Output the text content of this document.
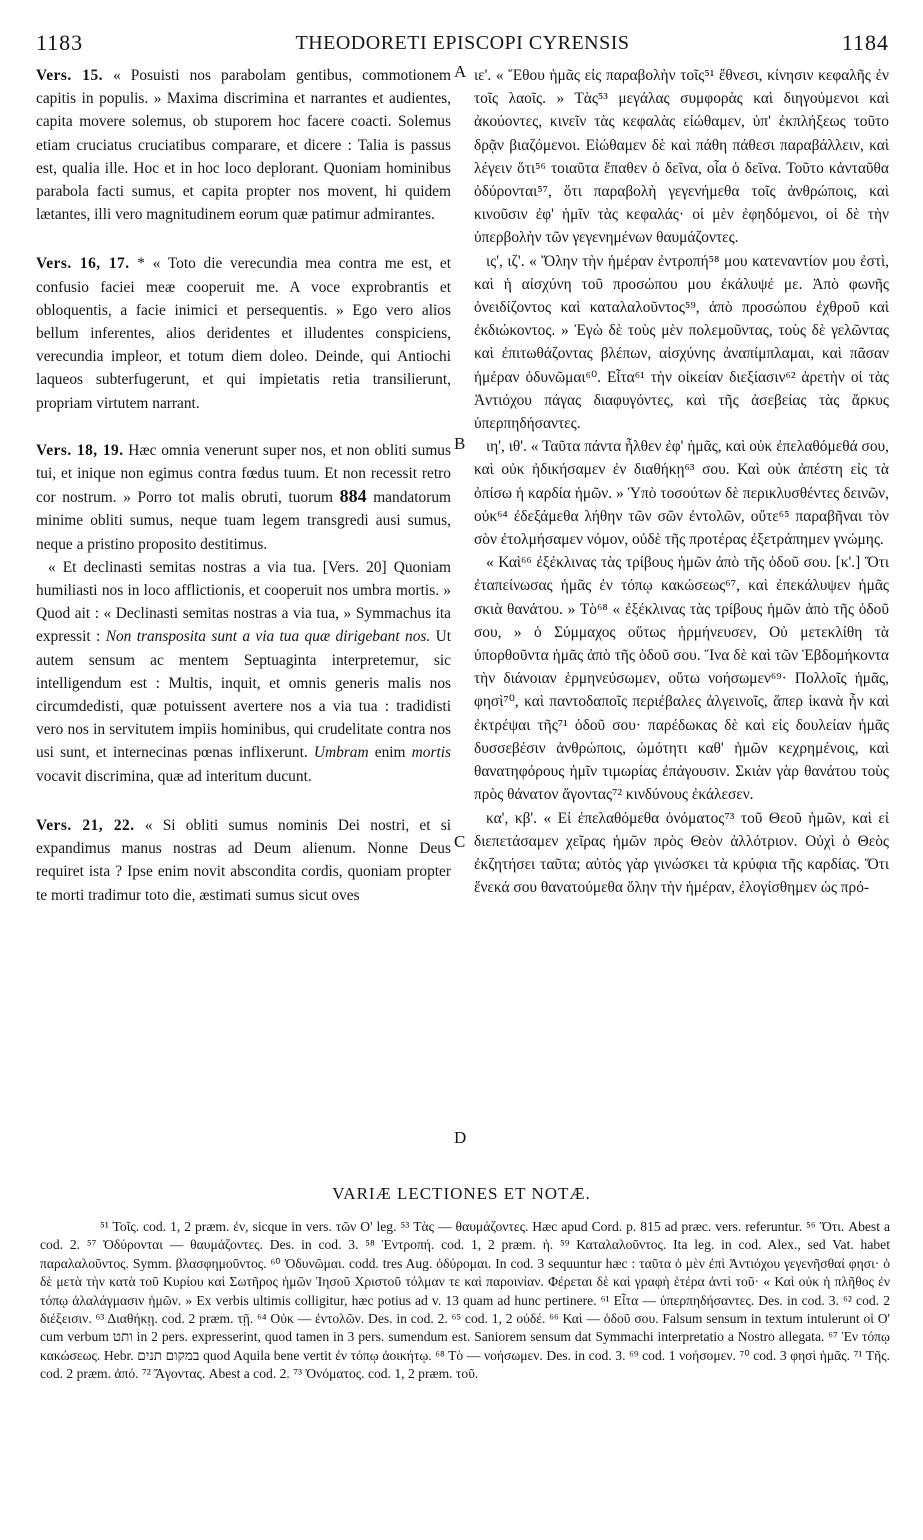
1183	THEODORETI EPISCOPI CYRENSIS	1184
A
B
C
D

Vers. 15. « Posuisti nos parabolam gentibus, commotionem capitis in populis. » Maxima discrimina et narrantes et audientes, capita movere solemus, ob stuporem hoc facere coacti. Solemus etiam cruciatus cruciatibus comparare, et dicere : Talia is passus est, qualia ille. Hoc et in hoc loco deplorant. Quoniam hominibus parabola facti sumus, et capita propter nos movent, hi quidem lætantes, illi vero magnitudinem eorum quæ patimur admirantes.

Vers. 16, 17. * « Toto die verecundia mea contra me est, et confusio faciei meæ cooperuit me. A voce exprobrantis et obloquentis, a facie inimici et persequentis. » Ego vero alios bellum inferentes, alios deridentes et illudentes conspiciens, verecundia impleor, et totum diem doleo. Deinde, qui Antiochi laqueos subterfugerunt, et qui impietatis retia transilierunt, propriam virtutem narrant.

Vers. 18, 19. Hæc omnia venerunt super nos, et non obliti sumus tui, et inique non egimus contra fœdus tuum. Et non recessit retro cor nostrum. » Porro tot malis obruti, tuorum 884 mandatorum minime obliti sumus, neque tuam legem transgredi ausi sumus, neque a pristino proposito destitimus.

« Et declinasti semitas nostras a via tua. [Vers. 20] Quoniam humiliasti nos in loco afflictionis, et cooperuit nos umbra mortis. » Quod ait : « Declinasti semitas nostras a via tua, » Symmachus ita expressit : Non transposita sunt a via tua quæ dirigebant nos. Ut autem sensum ac mentem Septuaginta interpretemur, sic intelligendum est : Multis, inquit, et omnis generis malis nos circumdedisti, quæ potuissent avertere nos a via tua : tradidisti vero nos in servitutem impiis hominibus, qui crudelitate contra nos usi sunt, et internecinas pœnas inflixerunt. Umbram enim mortis vocavit discrimina, quæ ad interitum ducunt.

Vers. 21, 22. « Si obliti sumus nominis Dei nostri, et si expandimus manus nostras ad Deum alienum. Nonne Deus requiret ista ? Ipse enim novit absconditа cordis, quoniam propter te morti tradimur toto die, æstimati sumus sicut oves

ιε'. « Ἔθου ἡμᾶς εἰς παραβολὴν τοῖς⁵¹ ἔθνεσι, κίνησιν κεφαλῆς ἐν τοῖς λαοῖς. » Τὰς⁵³ μεγάλας συμφορὰς καὶ διηγούμενοι καὶ ἀκούοντες, κινεῖν τὰς κεφαλὰς εἰώθαμεν, ὑπ' ἐκπλήξεως τοῦτο δρᾷν βιαζόμενοι. Εἰώθαμεν δὲ καὶ πάθη πάθεσι παραβάλλειν, καὶ λέγειν ὅτι⁵⁶ τοιαῦτα ἔπαθεν ὁ δεῖνα, οἷα ὁ δεῖνα. Τοῦτο κἀνταῦθα ὀδύρονται⁵⁷, ὅτι παραβολὴ γεγενήμεθα τοῖς ἀνθρώποις, καὶ κινοῦσιν ἐφ' ἡμῖν τὰς κεφαλάς· οἱ μὲν ἐφηδόμενοι, οἱ δὲ τὴν ὑπερβολὴν τῶν γεγενημένων θαυμάζοντες.

ις', ιζ'. « Ὅλην τὴν ἡμέραν ἐντροπή⁵⁸ μου κατεναντίον μου ἐστὶ, καὶ ἡ αἰσχύνη τοῦ προσώπου μου ἐκάλυψέ με. Ἀπὸ φωνῆς ὀνειδίζοντος καὶ καταλαλοῦντος⁵⁹, ἀπὸ προσώπου ἐχθροῦ καὶ ἐκδιώκοντος. » Ἐγὼ δὲ τοὺς μὲν πολεμοῦντας, τοὺς δὲ γελῶντας καὶ ἐπιτωθάζοντας βλέπων, αἰσχύνης ἀναπίμπλαμαι, καὶ πᾶσαν ἡμέραν ὀδυνῶμαι⁶⁰. Εἶτα⁶¹ τὴν οἰκείαν διεξίασιν⁶² ἀρετὴν οἱ τὰς Ἀντιόχου πάγας διαφυγόντες, καὶ τῆς ἀσεβείας τὰς ἄρκυς ὑπερπηδήσαντες.

ιη', ιθ'. « Ταῦτα πάντα ἦλθεν ἐφ' ἡμᾶς, καὶ οὐκ ἐπελαθόμεθά σου, καὶ οὐκ ἠδικήσαμεν ἐν διαθήκῃ⁶³ σου. Καὶ οὐκ ἀπέστη εἰς τὰ ὀπίσω ἡ καρδία ἡμῶν. » Ὑπὸ τοσούτων δὲ περικλυσθέντες δεινῶν, οὐκ⁶⁴ ἐδεξάμεθα λήθην τῶν σῶν ἐντολῶν, οὔτε⁶⁵ παραβῆναι τὸν σὸν ἐτολμήσαμεν νόμον, οὐδὲ τῆς προτέρας ἐξετράπημεν γνώμης.

« Καὶ⁶⁶ ἐξέκλινας τὰς τρίβους ἡμῶν ἀπὸ τῆς ὁδοῦ σου. [κ'.] Ὅτι ἐταπείνωσας ἡμᾶς ἐν τόπῳ κακώσεως⁶⁷, καὶ ἐπεκάλυψεν ἡμᾶς σκιὰ θανάτου. » Τὸ⁶⁸ « ἐξέκλινας τὰς τρίβους ἡμῶν ἀπὸ τῆς ὁδοῦ σου, » ὁ Σύμμαχος οὕτως ἡρμήνευσεν, Οὐ μετεκλίθη τὰ ὑπορθοῦντα ἡμᾶς ἀπὸ τῆς ὁδοῦ σου. Ἵνα δὲ καὶ τῶν Ἑβδομήκοντα τὴν διάνοιαν ἑρμηνεύσωμεν, οὕτω νοήσωμεν⁶⁹· Πολλοῖς ἡμᾶς, φησὶ⁷⁰, καὶ παντοδαποῖς περιέβαλες ἀλγεινοῖς, ἅπερ ἱκανὰ ἦν καὶ ἐκτρέψαι τῆς⁷¹ ὁδοῦ σου· παρέδωκας δὲ καὶ εἰς δουλείαν ἡμᾶς δυσσεβέσιν ἀνθρώποις, ὠμότητι καθ' ἡμῶν κεχρημένοις, καὶ θανατηφόρους ἡμῖν τιμωρίας ἐπάγουσιν. Σκιὰν γὰρ θανάτου τοὺς πρὸς θάνατον ἄγοντας⁷² κινδύνους ἐκάλεσεν.

κα', κβ'. « Εἰ ἐπελαθόμεθα ὀνόματος⁷³ τοῦ Θεοῦ ἡμῶν, καὶ εἰ διεπετάσαμεν χεῖρας ἡμῶν πρὸς Θεὸν ἀλλότριον. Οὐχὶ ὁ Θεὸς ἐκζητήσει ταῦτα; αὐτὸς γὰρ γινώσκει τὰ κρύφια τῆς καρδίας. Ὅτι ἕνεκά σου θανατούμεθα ὅλην τὴν ἡμέραν, ἐλογίσθημεν ὡς πρό-

VARIÆ LECTIONES ET NOTÆ.

⁵¹ Τοῖς. cod. 1, 2 præm. ἐν, sicque in vers. τῶν Ο' leg. ⁵³ Τὰς — θαυμάζοντες. Hæc apud Cord. p. 815 ad præc. vers. referuntur. ⁵⁶ Ὅτι. Abest a cod. 2. ⁵⁷ Ὀδύρονται — θαυμάζοντες. Des. in cod. 3. ⁵⁸ Ἐντροπή. cod. 1, 2 præm. ἡ. ⁵⁹ Καταλαλοῦντος. Ita leg. in cod. Alex., sed Vat. habet παραλαλοῦντος. Symm. βλασφημοῦντος. ⁶⁰ Ὀδυνῶμαι. codd. tres Aug. ὀδύρομαι. In cod. 3 sequuntur hæc : ταῦτα ὁ μὲν ἐπὶ Ἀντιόχου γεγενῆσθαί φησι· ὁ δὲ μετὰ τὴν κατὰ τοῦ Κυρίου καὶ Σωτῆρος ἡμῶν Ἰησοῦ Χριστοῦ τόλμαν τε καὶ παροινίαν. Φέρεται δὲ καὶ γραφὴ ἑτέρα ἀντὶ τοῦ· « Καὶ οὐκ ἡ πλῆθος ἐν τόπῳ ἀλαλάγμασιν ἡμῶν. » Ex verbis ultimis colligitur, hæc potius ad v. 13 quam ad hunc pertinere. ⁶¹ Εἶτα — ὑπερπηδήσαντες. Des. in cod. 3. ⁶² cod. 2 διέξεισιν. ⁶³ Διαθήκῃ. cod. 2 præm. τῇ. ⁶⁴ Οὐκ — ἐντολῶν. Des. in cod. 2. ⁶⁵ cod. 1, 2 οὐδέ. ⁶⁶ Καὶ — ὁδοῦ σου. Falsum sensum in textum intulerunt οἱ Ο' cum verbum ותט in 2 pers. expresserint, quod tamen in 3 pers. sumendum est. Saniorem sensum dat Symmachi interpretatio a Nostro allegata. ⁶⁷ Ἐν τόπῳ κακώσεως. Hebr. במקום תנים quod Aquila bene vertit ἐν τόπῳ ἀοικήτῳ. ⁶⁸ Τὸ — νοήσωμεν. Des. in cod. 3. ⁶⁹ cod. 1 νοήσομεν. ⁷⁰ cod. 3 φησὶ ἡμᾶς. ⁷¹ Τῆς. cod. 2 præm. ἀπό. ⁷² Ἄγοντας. Abest a cod. 2. ⁷³ Ὀνόματος. cod. 1, 2 præm. τοῦ.
